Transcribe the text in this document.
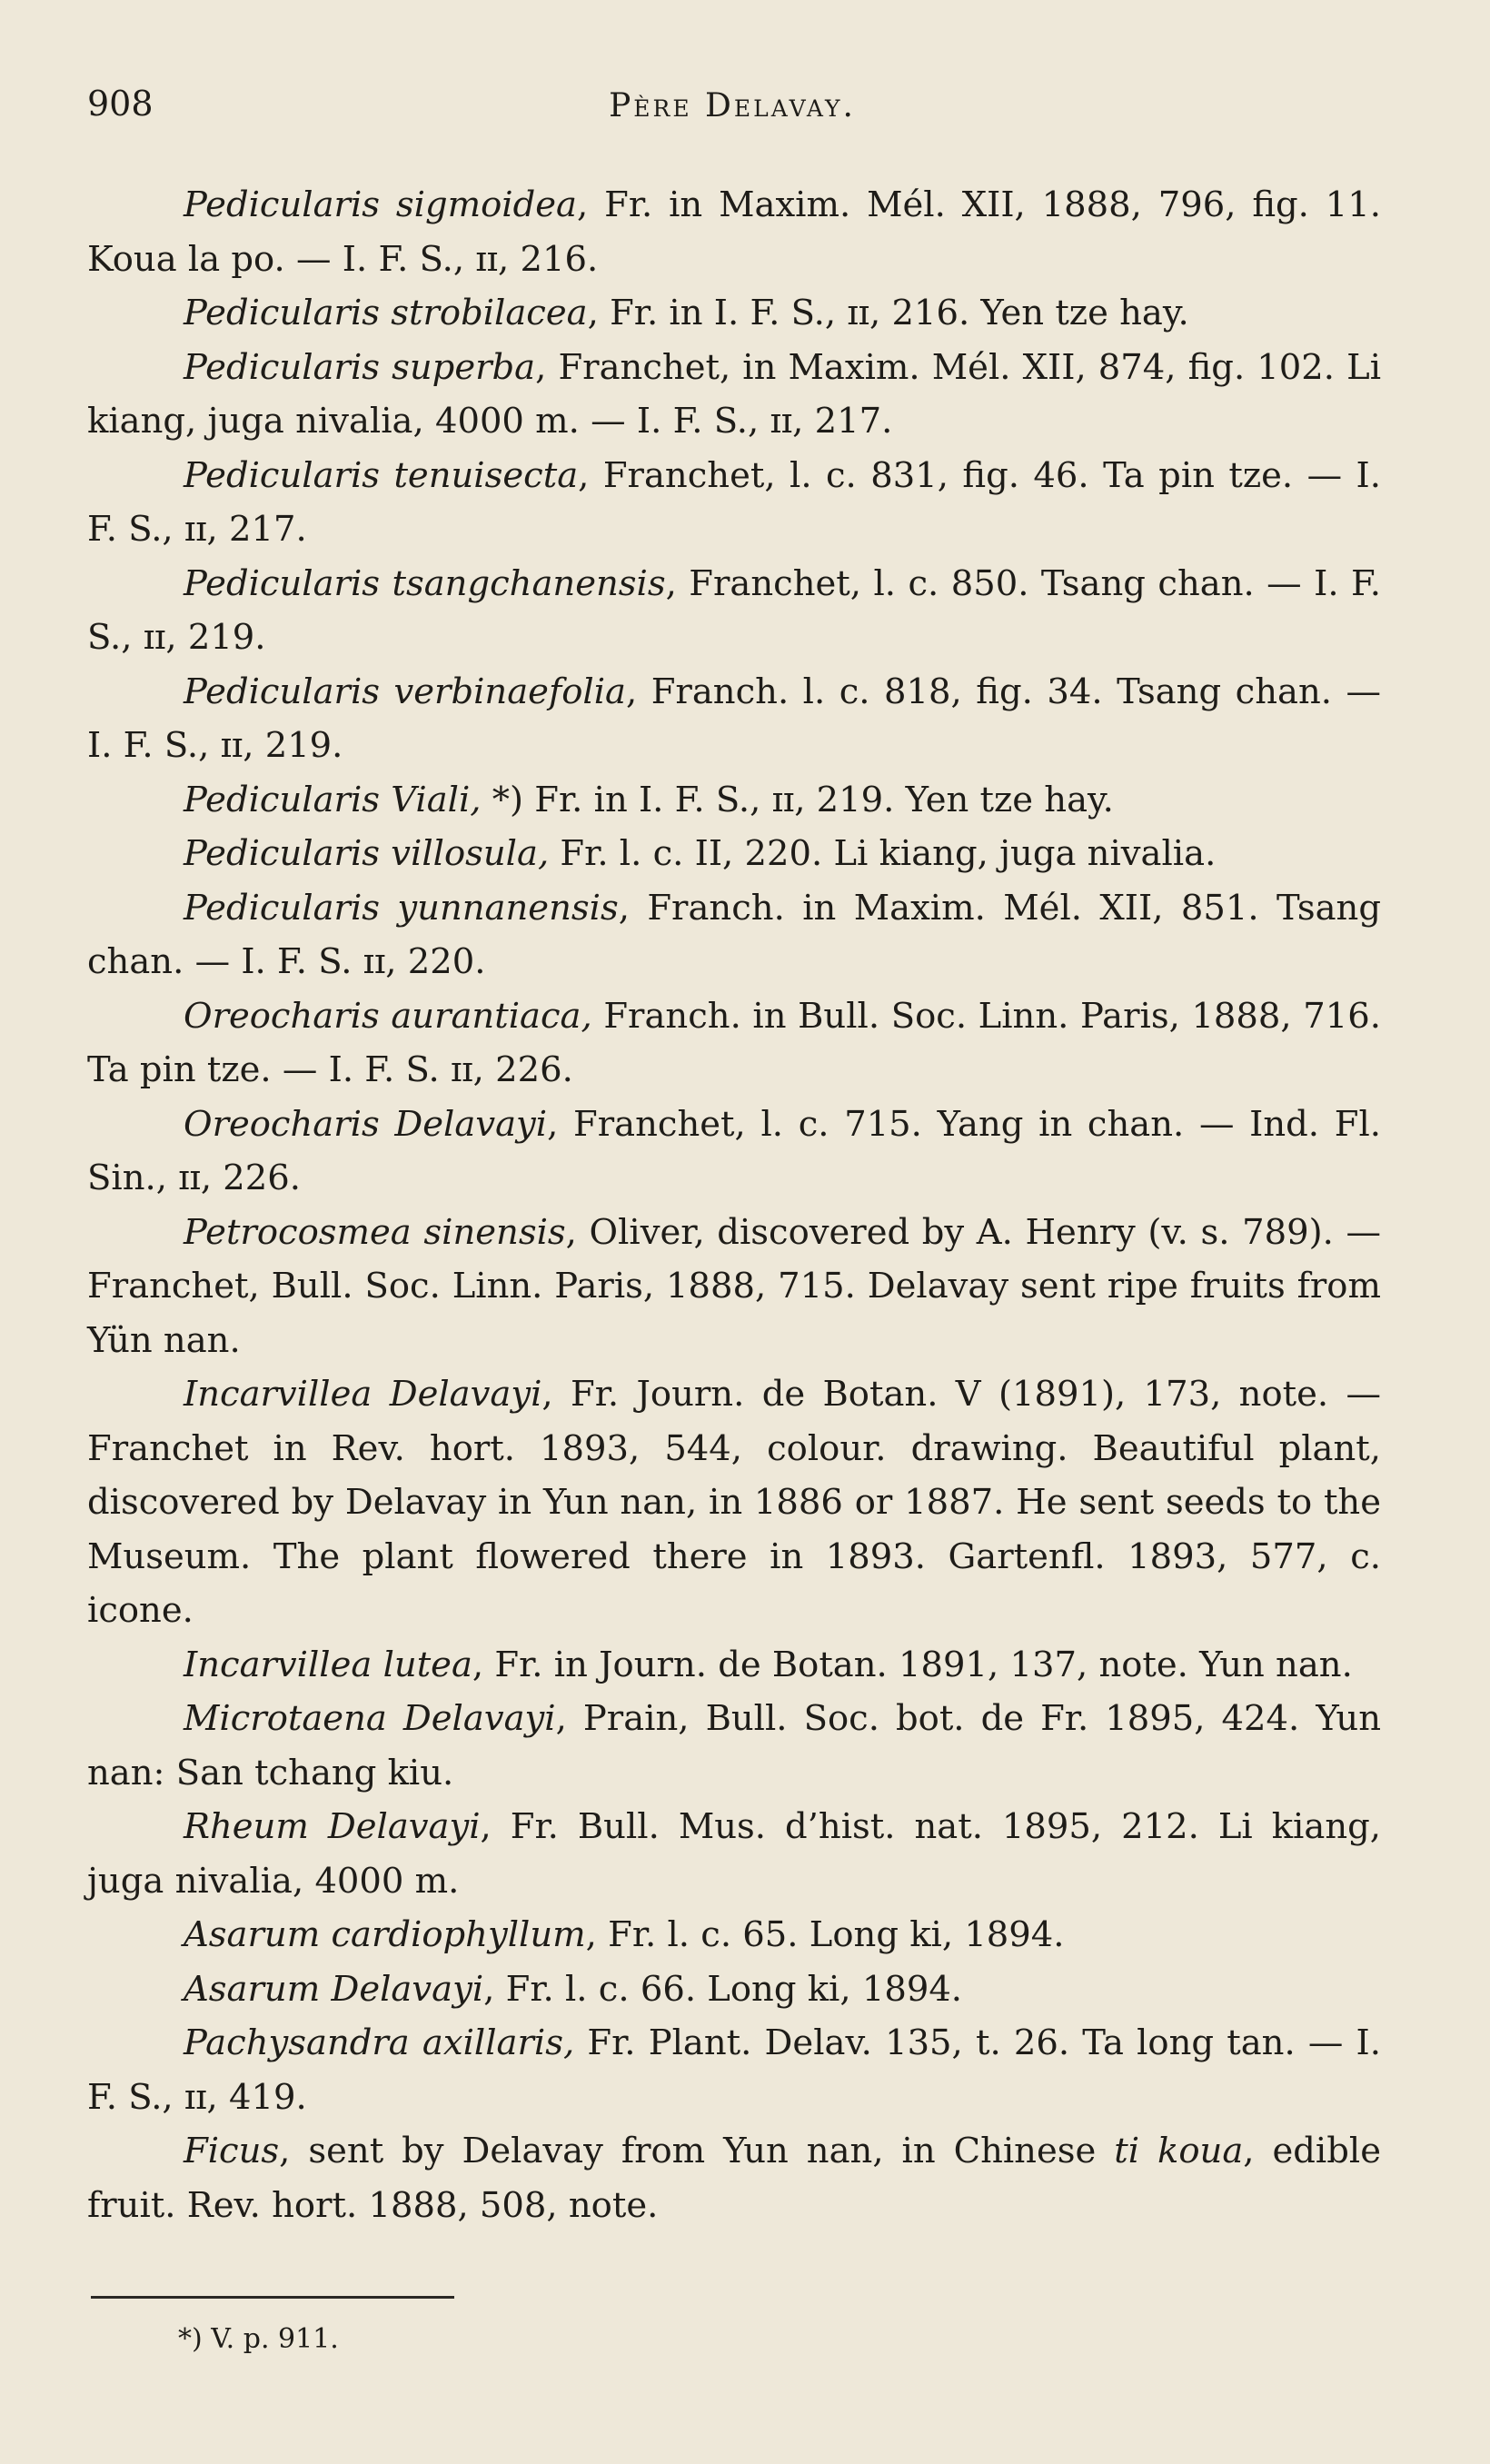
908	Père Delavay.

Pedicularis sigmoidea, Fr. in Maxim. Mél. XII, 1888, 796, fig. 11. Koua la po. — I. F. S., ɪɪ, 216.

Pedicularis strobilacea, Fr. in I. F. S., ɪɪ, 216. Yen tze hay.

Pedicularis superba, Franchet, in Maxim. Mél. XII, 874, fig. 102. Li kiang, juga nivalia, 4000 m. — I. F. S., ɪɪ, 217.

Pedicularis tenuisecta, Franchet, l. c. 831, fig. 46. Ta pin tze. — I. F. S., ɪɪ, 217.

Pedicularis tsangchanensis, Franchet, l. c. 850. Tsang chan. — I. F. S., ɪɪ, 219.

Pedicularis verbinaefolia, Franch. l. c. 818, fig. 34. Tsang chan. — I. F. S., ɪɪ, 219.

Pedicularis Viali, *) Fr. in I. F. S., ɪɪ, 219. Yen tze hay.

Pedicularis villosula, Fr. l. c. II, 220. Li kiang, juga nivalia.

Pedicularis yunnanensis, Franch. in Maxim. Mél. XII, 851. Tsang chan. — I. F. S. ɪɪ, 220.

Oreocharis aurantiaca, Franch. in Bull. Soc. Linn. Paris, 1888, 716. Ta pin tze. — I. F. S. ɪɪ, 226.

Oreocharis Delavayi, Franchet, l. c. 715. Yang in chan. — Ind. Fl. Sin., ɪɪ, 226.

Petrocosmea sinensis, Oliver, discovered by A. Henry (v. s. 789). — Franchet, Bull. Soc. Linn. Paris, 1888, 715. Delavay sent ripe fruits from Yün nan.

Incarvillea Delavayi, Fr. Journ. de Botan. V (1891), 173, note. — Franchet in Rev. hort. 1893, 544, colour. drawing. Beautiful plant, discovered by Delavay in Yun nan, in 1886 or 1887. He sent seeds to the Museum. The plant flowered there in 1893. Gartenfl. 1893, 577, c. icone.

Incarvillea lutea, Fr. in Journ. de Botan. 1891, 137, note. Yun nan.

Microtaena Delavayi, Prain, Bull. Soc. bot. de Fr. 1895, 424. Yun nan: San tchang kiu.

Rheum Delavayi, Fr. Bull. Mus. d’hist. nat. 1895, 212. Li kiang, juga nivalia, 4000 m.

Asarum cardiophyllum, Fr. l. c. 65. Long ki, 1894.

Asarum Delavayi, Fr. l. c. 66. Long ki, 1894.

Pachysandra axillaris, Fr. Plant. Delav. 135, t. 26. Ta long tan. — I. F. S., ɪɪ, 419.

Ficus, sent by Delavay from Yun nan, in Chinese ti koua, edible fruit. Rev. hort. 1888, 508, note.

*) V. p. 911.
